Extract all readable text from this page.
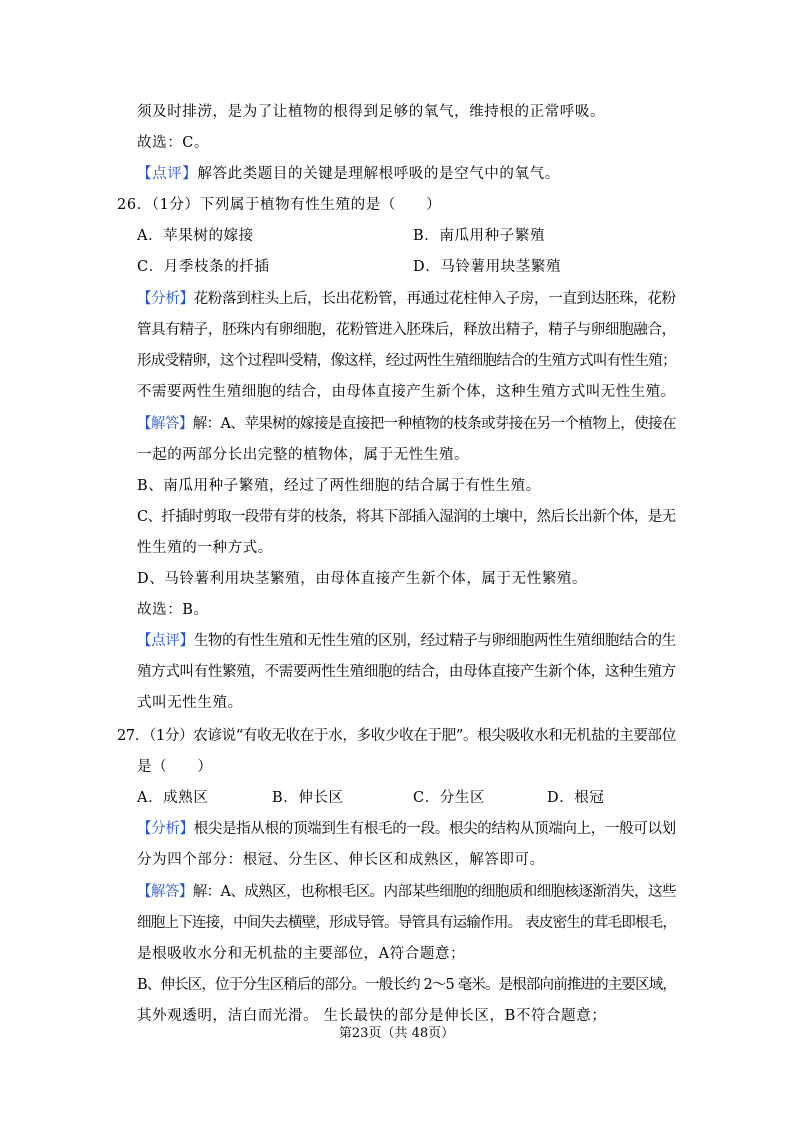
须及时排涝，是为了让植物的根得到足够的氧气，维持根的正常呼吸。
故选：C。
【点评】解答此类题目的关键是理解根呼吸的是空气中的氧气。
26．（1分）下列属于植物有性生殖的是（　　）
A．苹果树的嫁接	B．南瓜用种子繁殖
C．月季枝条的扦插	D．马铃薯用块茎繁殖
【分析】花粉落到柱头上后，长出花粉管，再通过花柱伸入子房，一直到达胚珠，花粉
管具有精子，胚珠内有卵细胞，花粉管进入胚珠后，释放出精子，精子与卵细胞融合，
形成受精卵，这个过程叫受精，像这样，经过两性生殖细胞结合的生殖方式叫有性生殖；
不需要两性生殖细胞的结合，由母体直接产生新个体，这种生殖方式叫无性生殖。
【解答】解：A、苹果树的嫁接是直接把一种植物的枝条或芽接在另一个植物上，使接在
一起的两部分长出完整的植物体，属于无性生殖。
B、南瓜用种子繁殖，经过了两性细胞的结合属于有性生殖。
C、扦插时剪取一段带有芽的枝条，将其下部插入湿润的土壤中，然后长出新个体，是无
性生殖的一种方式。
D、马铃薯利用块茎繁殖，由母体直接产生新个体，属于无性繁殖。
故选：B。
【点评】生物的有性生殖和无性生殖的区别，经过精子与卵细胞两性生殖细胞结合的生
殖方式叫有性繁殖，不需要两性生殖细胞的结合，由母体直接产生新个体，这种生殖方
式叫无性生殖。
27．（1分）农谚说“有收无收在于水，多收少收在于肥”。根尖吸收水和无机盐的主要部位
是（　　）
A．成熟区	B．伸长区	C．分生区	D．根冠
【分析】根尖是指从根的顶端到生有根毛的一段。根尖的结构从顶端向上，一般可以划
分为四个部分：根冠、分生区、伸长区和成熟区，解答即可。
【解答】解：A、成熟区，也称根毛区。内部某些细胞的细胞质和细胞核逐渐消失，这些
细胞上下连接，中间失去横壁，形成导管。导管具有运输作用。 表皮密生的茸毛即根毛，
是根吸收水分和无机盐的主要部位，A符合题意；
B、伸长区，位于分生区稍后的部分。一般长约 2～5 毫米。是根部向前推进的主要区域，
其外观透明，洁白而光滑。 生长最快的部分是伸长区，B不符合题意；
第23页（共 48页）
